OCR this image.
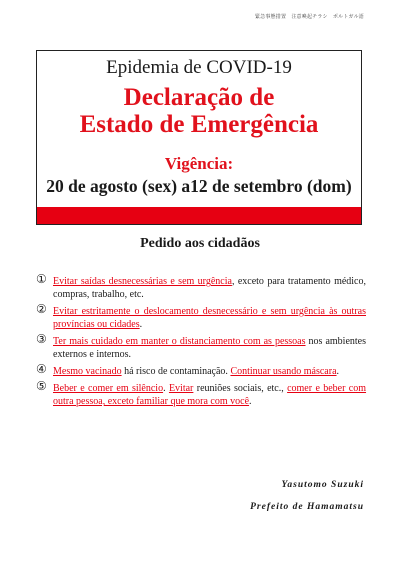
緊急事態措置　注意喚起チラシ　ポルトガル語
Epidemia de COVID-19
Declaração de
Estado de Emergência
Vigência:
20 de agosto (sex) a12 de setembro (dom)
Pedido aos cidadãos
① Evitar saídas desnecessárias e sem urgência, exceto para tratamento médico, compras, trabalho, etc.
② Evitar estritamente o deslocamento desnecessário e sem urgência às outras províncias ou cidades.
③ Ter mais cuidado em manter o distanciamento com as pessoas nos ambientes externos e internos.
④ Mesmo vacinado há risco de contaminação. Continuar usando máscara.
⑤ Beber e comer em silêncio. Evitar reuniões sociais, etc., comer e beber com outra pessoa, exceto familiar que mora com você.
Yasutomo Suzuki
Prefeito de Hamamatsu
